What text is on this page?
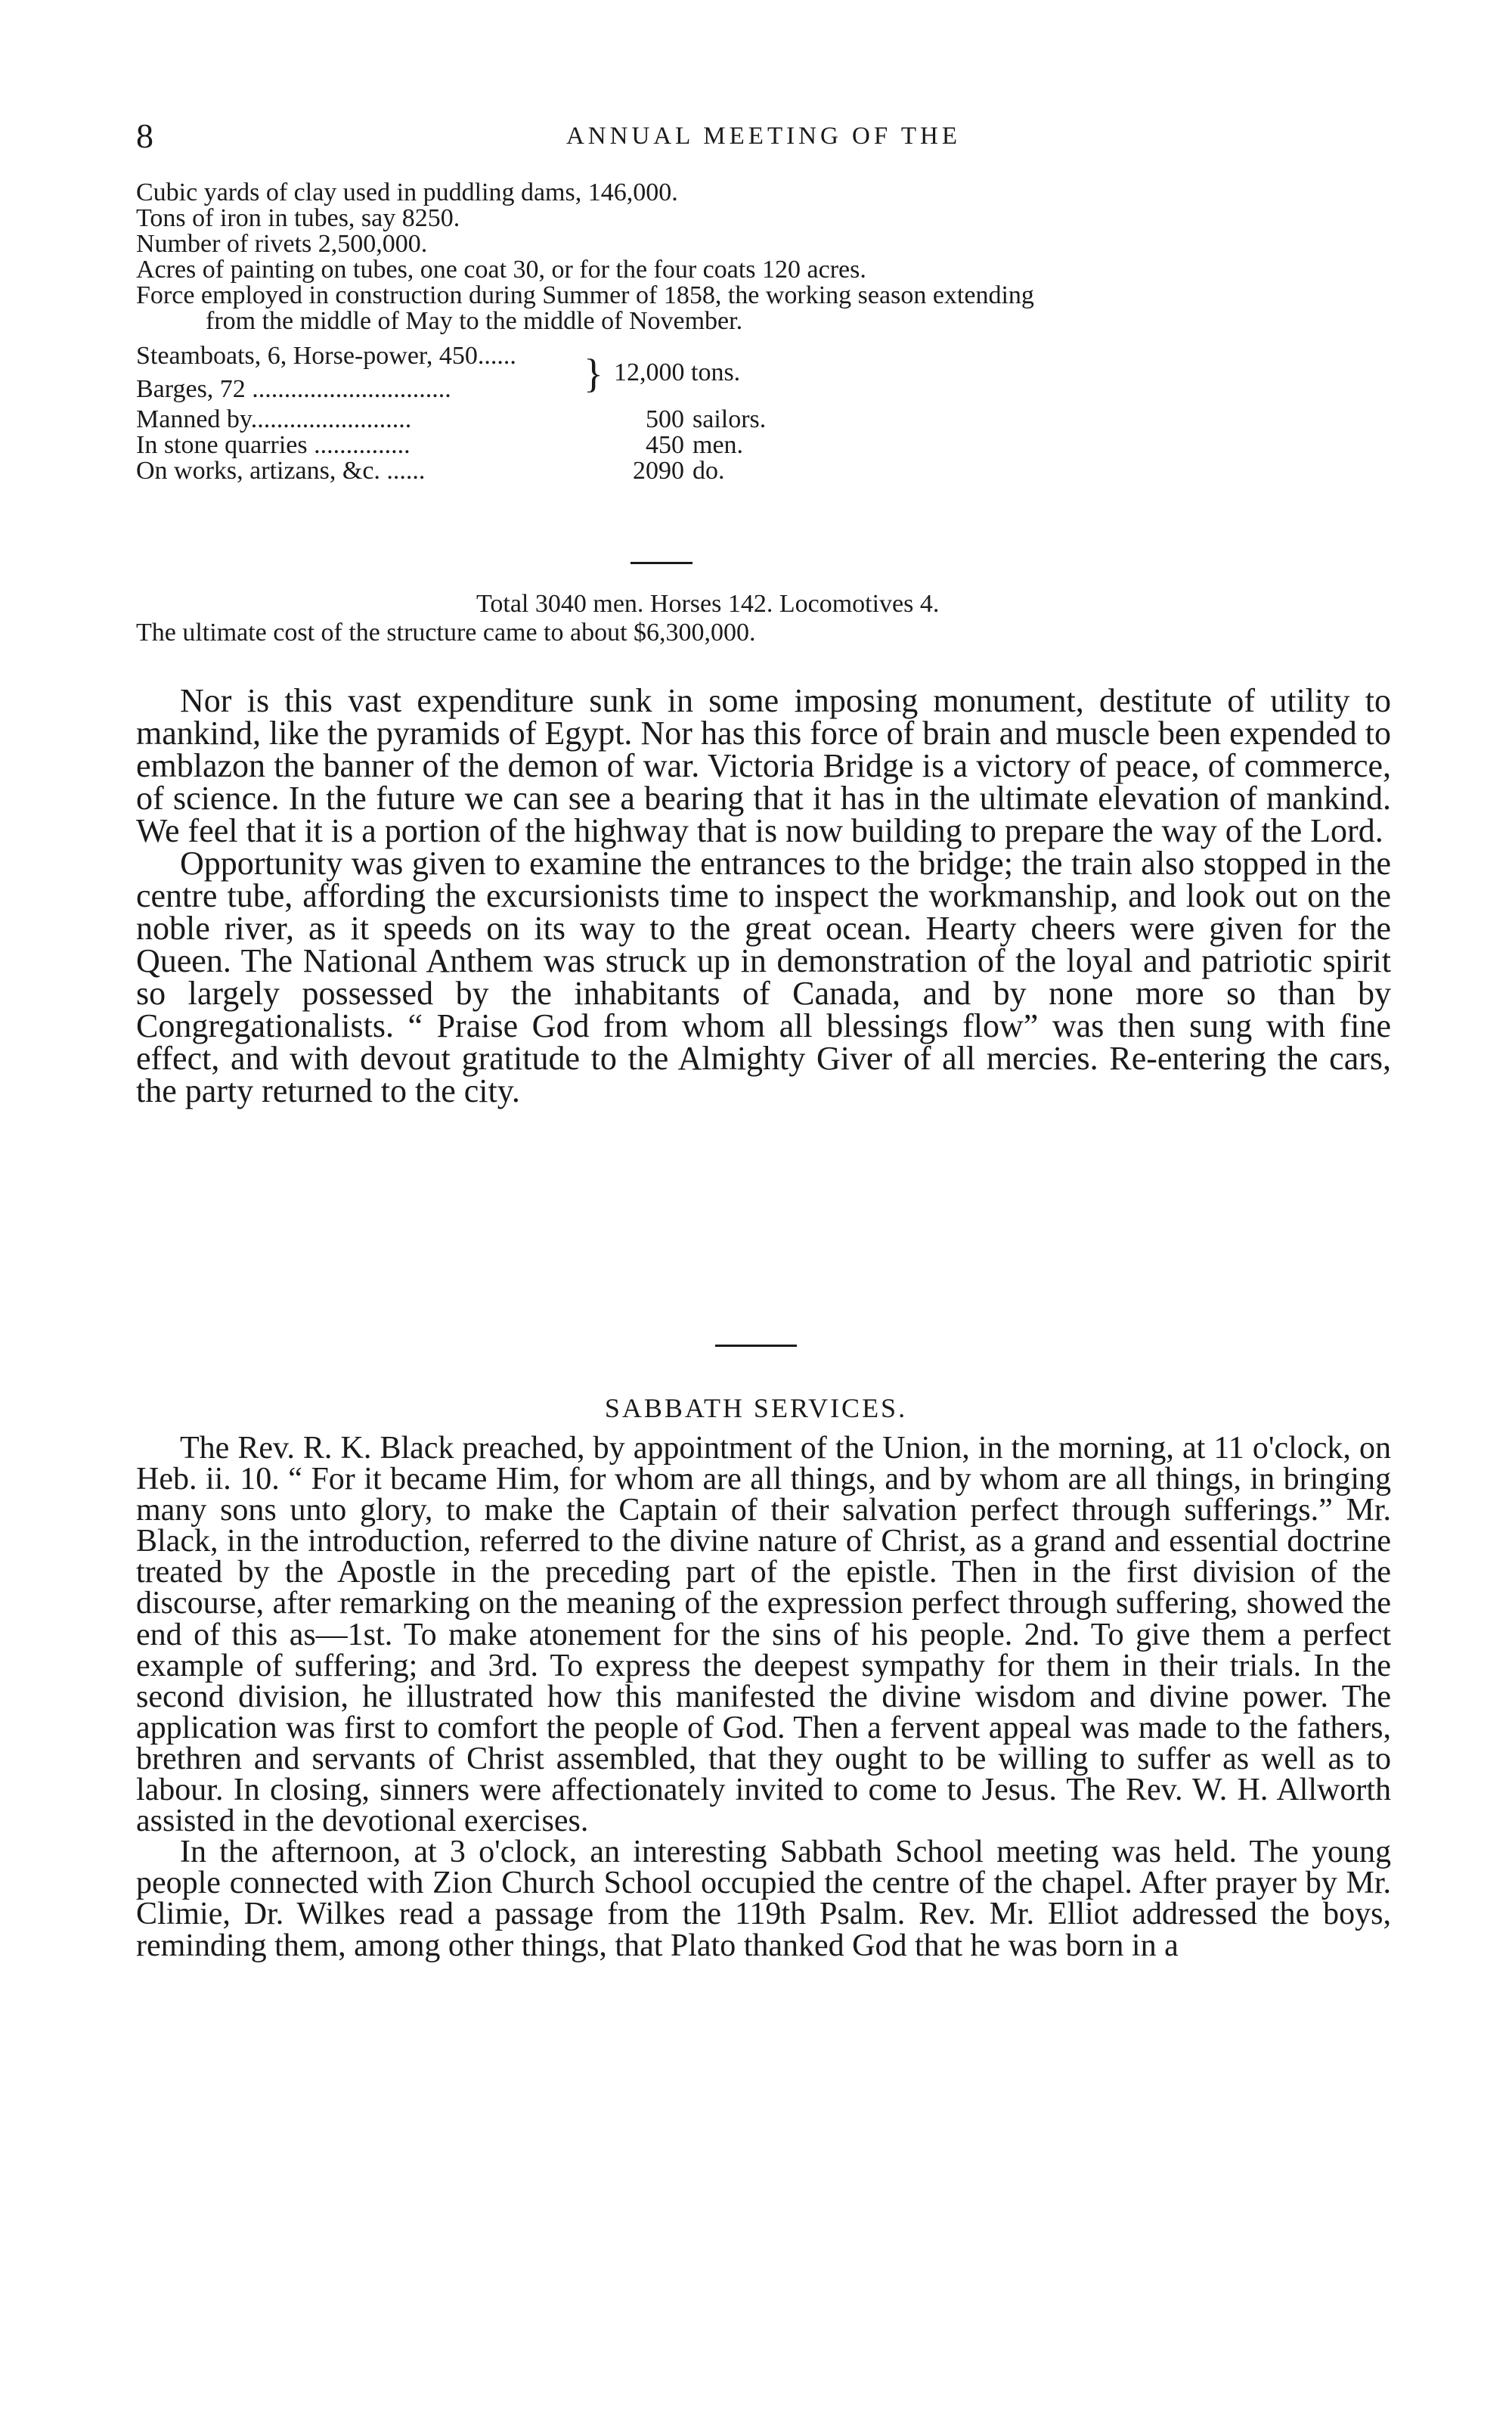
8	ANNUAL MEETING OF THE
Cubic yards of clay used in puddling dams, 146,000.
Tons of iron in tubes, say 8250.
Number of rivets 2,500,000.
Acres of painting on tubes, one coat 30, or for the four coats 120 acres.
Force employed in construction during Summer of 1858, the working season extending
from the middle of May to the middle of November.
Steamboats, 6, Horse-power, 450......
Barges, 72 ...............................	} 12,000 tons.
Manned by.........................	500 sailors.
In stone quarries ...............	450 men.
On works, artizans, &c. ......	2090 do.
Total 3040 men. Horses 142. Locomotives 4.
The ultimate cost of the structure came to about $6,300,000.

Nor is this vast expenditure sunk in some imposing monument, destitute of utility to mankind, like the pyramids of Egypt. Nor has this force of brain and muscle been expended to emblazon the banner of the demon of war. Victoria Bridge is a victory of peace, of commerce, of science. In the future we can see a bearing that it has in the ultimate elevation of mankind. We feel that it is a portion of the highway that is now building to prepare the way of the Lord.

Opportunity was given to examine the entrances to the bridge; the train also stopped in the centre tube, affording the excursionists time to inspect the workmanship, and look out on the noble river, as it speeds on its way to the great ocean. Hearty cheers were given for the Queen. The National Anthem was struck up in demonstration of the loyal and patriotic spirit so largely possessed by the inhabitants of Canada, and by none more so than by Congregationalists. “ Praise God from whom all blessings flow” was then sung with fine effect, and with devout gratitude to the Almighty Giver of all mercies. Re-entering the cars, the party returned to the city.

SABBATH SERVICES.

The Rev. R. K. Black preached, by appointment of the Union, in the morning, at 11 o'clock, on Heb. ii. 10. “ For it became Him, for whom are all things, and by whom are all things, in bringing many sons unto glory, to make the Captain of their salvation perfect through sufferings.” Mr. Black, in the introduction, referred to the divine nature of Christ, as a grand and essential doctrine treated by the Apostle in the preceding part of the epistle. Then in the first division of the discourse, after remarking on the meaning of the expression perfect through suffering, showed the end of this as—1st. To make atonement for the sins of his people. 2nd. To give them a perfect example of suffering; and 3rd. To express the deepest sympathy for them in their trials. In the second division, he illustrated how this manifested the divine wisdom and divine power. The application was first to comfort the people of God. Then a fervent appeal was made to the fathers, brethren and servants of Christ assembled, that they ought to be willing to suffer as well as to labour. In closing, sinners were affectionately invited to come to Jesus. The Rev. W. H. Allworth assisted in the devotional exercises.

In the afternoon, at 3 o'clock, an interesting Sabbath School meeting was held. The young people connected with Zion Church School occupied the centre of the chapel. After prayer by Mr. Climie, Dr. Wilkes read a passage from the 119th Psalm. Rev. Mr. Elliot addressed the boys, reminding them, among other things, that Plato thanked God that he was born in a
